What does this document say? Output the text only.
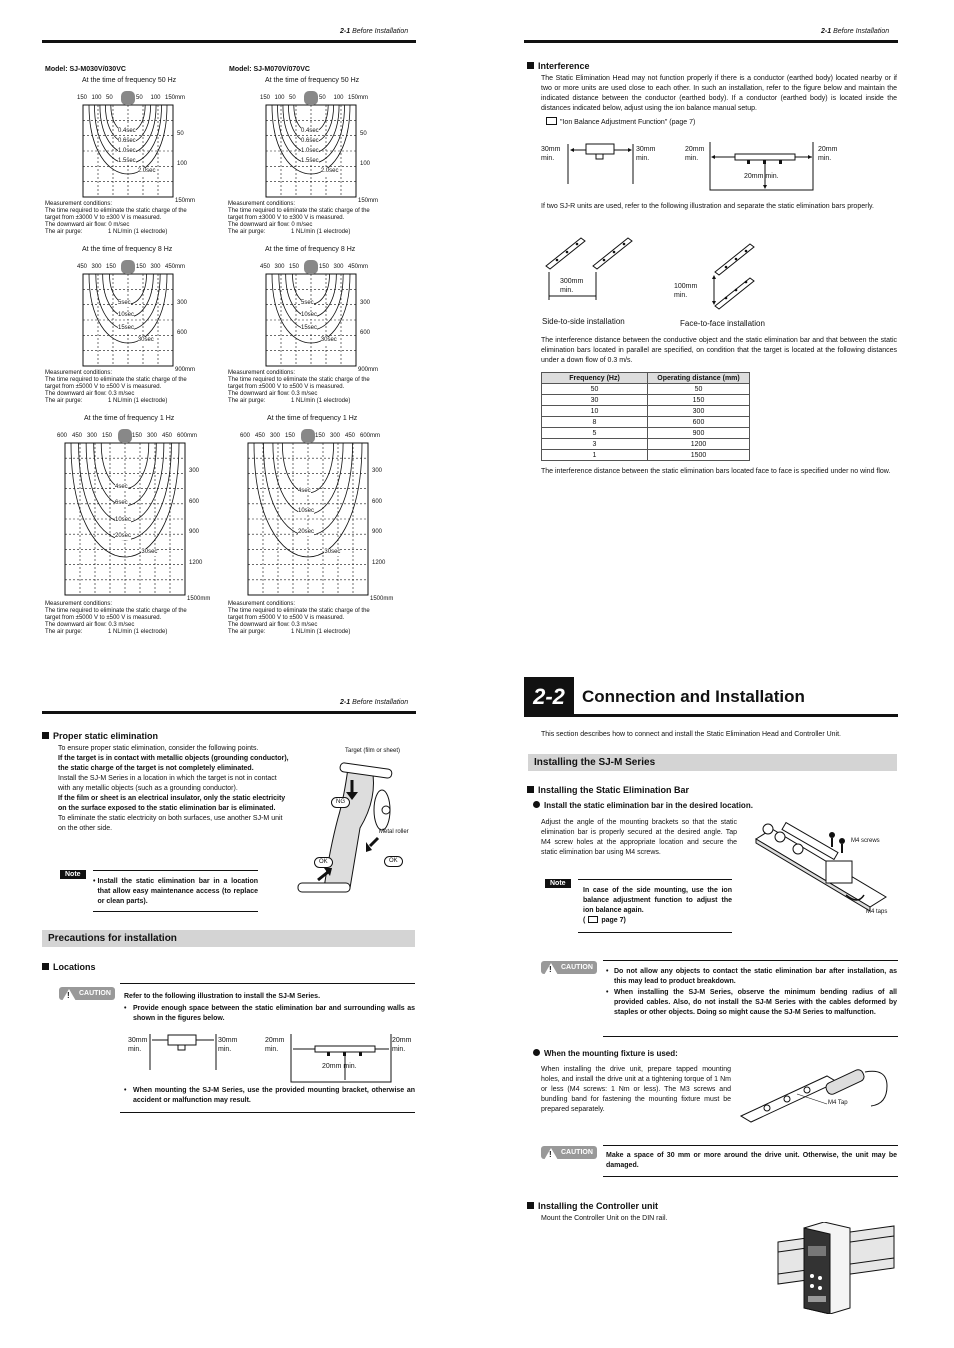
2-1 Before Installation	2-1 Before Installation
2-1 Before Installation
Model: SJ-M030V/030VC	Model: SJ-M070V/070VC
At the time of frequency 50 Hz
150 100 50	50 100 150mm
50
100
150mm
0.4sec
0.6sec
1.0sec
1.5sec
2.0sec
Measurement conditions:
The time required to eliminate the static charge of the target from ±3000 V to ±300 V is measured.
The downward air flow: 0 m/sec
The air purge:	1 NL/min (1 electrode)
At the time of frequency 50 Hz
150 100 50	50 100 150mm
50
100
150mm
0.4sec
0.6sec
1.0sec
1.5sec
2.0sec
Measurement conditions:
The time required to eliminate the static charge of the target from ±3000 V to ±300 V is measured.
The downward air flow: 0 m/sec
The air purge:	1 NL/min (1 electrode)
At the time of frequency 8 Hz
450 300 150	150 300 450mm
300
600
900mm
5sec
10sec
15sec
30sec
Measurement conditions:
The time required to eliminate the static charge of the target from ±5000 V to ±500 V is measured.
The downward air flow: 0.3 m/sec
The air purge:	1 NL/min (1 electrode)
At the time of frequency 8 Hz
450 300 150	150 300 450mm
300
600
900mm
5sec
10sec
15sec
30sec
Measurement conditions:
The time required to eliminate the static charge of the target from ±5000 V to ±500 V is measured.
The downward air flow: 0.3 m/sec
The air purge:	1 NL/min (1 electrode)
At the time of frequency 1 Hz
600 450 300 150	150 300 450 600mm
300
600
900
1200
1500mm
4sec
6sec
10sec
20sec
30sec
Measurement conditions:
The time required to eliminate the static charge of the target from ±5000 V to ±500 V is measured.
The downward air flow: 0.3 m/sec
The air purge:	1 NL/min (1 electrode)
At the time of frequency 1 Hz
600 450 300 150	150 300 450 600mm
300
600
900
1200
1500mm
4sec
10sec
20sec
30sec
Measurement conditions:
The time required to eliminate the static charge of the target from ±5000 V to ±500 V is measured.
The downward air flow: 0.3 m/sec
The air purge:	1 NL/min (1 electrode)
Interference
The Static Elimination Head may not function properly if there is a conductor (earthed body) located nearby or if two or more units are used close to each other. In such an installation, refer to the figure below and maintain the indicated distance between the conductor (earthed body). If a conductor (earthed body) is located inside the distances indicated below, adjust using the ion balance manual setup.
"Ion Balance Adjustment Function" (page 7)
30mm
min.
30mm
min.
20mm
min.
20mm
min.
20mm min.
If two SJ-R units are used, refer to the following illustration and separate the static elimination bars properly.
300mm
min.
100mm
min.
Side-to-side installation	Face-to-face installation
The interference distance between the conductive object and the static elimination bar and that between the static elimination bars located in parallel are specified, on condition that the target is located at the following distances under a down flow of 0.3 m/s.
Frequency (Hz)	Operating distance (mm)
50	50
30	150
10	300
8	600
5	900
3	1200
1	1500
The interference distance between the static elimination bars located face to face is specified under no wind flow.
Proper static elimination
To ensure proper static elimination, consider the following points.
If the target is in contact with metallic objects (grounding conductor), the static charge of the target is not completely eliminated.
Install the SJ-M Series in a location in which the target is not in contact with any metallic objects (such as a grounding conductor).
If the film or sheet is an electrical insulator, only the static electricity on the surface exposed to the static elimination bar is eliminated.
To eliminate the static electricity on both surfaces, use another SJ-M unit on the other side.
Target (film or sheet)
NG
Metal roller
OK	OK
Note
• Install the static elimination bar in a location that allow easy maintenance access (to replace or clean parts).
Precautions for installation
Locations
!
CAUTION	Refer to the following illustration to install the SJ-M Series.
• Provide enough space between the static elimination bar and surrounding walls as shown in the figures below.
30mm
min.
30mm
min.
20mm
min.
20mm
min.
20mm min.
• When mounting the SJ-M Series, use the provided mounting bracket, otherwise an accident or malfunction may result.
2-2	Connection and Installation
This section describes how to connect and install the Static Elimination Head and Controller Unit.
Installing the SJ-M Series
Installing the Static Elimination Bar
Install the static elimination bar in the desired location.
Adjust the angle of the mounting brackets so that the static elimination bar is properly secured at the desired angle. Tap M4 screw holes at the appropriate location and secure the static elimination bar using M4 screws.
M4 screws
M4 taps
Note
In case of the side mounting, use the ion balance adjustment function to adjust the ion balance again.
( page 7)
!
CAUTION
• Do not allow any objects to contact the static elimination bar after installation, as this may lead to product breakdown.
• When installing the SJ-M Series, observe the minimum bending radius of all provided cables. Also, do not install the SJ-M Series with the cables deformed by staples or other objects. Doing so might cause the SJ-M Series to malfunction.
When the mounting fixture is used:
When installing the drive unit, prepare tapped mounting holes, and install the drive unit at a tightening torque of 1 Nm or less (M4 screws: 1 Nm or less). The M3 screws and bundling band for fastening the mounting fixture must be prepared separately.
M4 Tap
!
CAUTION	Make a space of 30 mm or more around the drive unit. Otherwise, the unit may be damaged.
Installing the Controller unit
Mount the Controller Unit on the DIN rail.
